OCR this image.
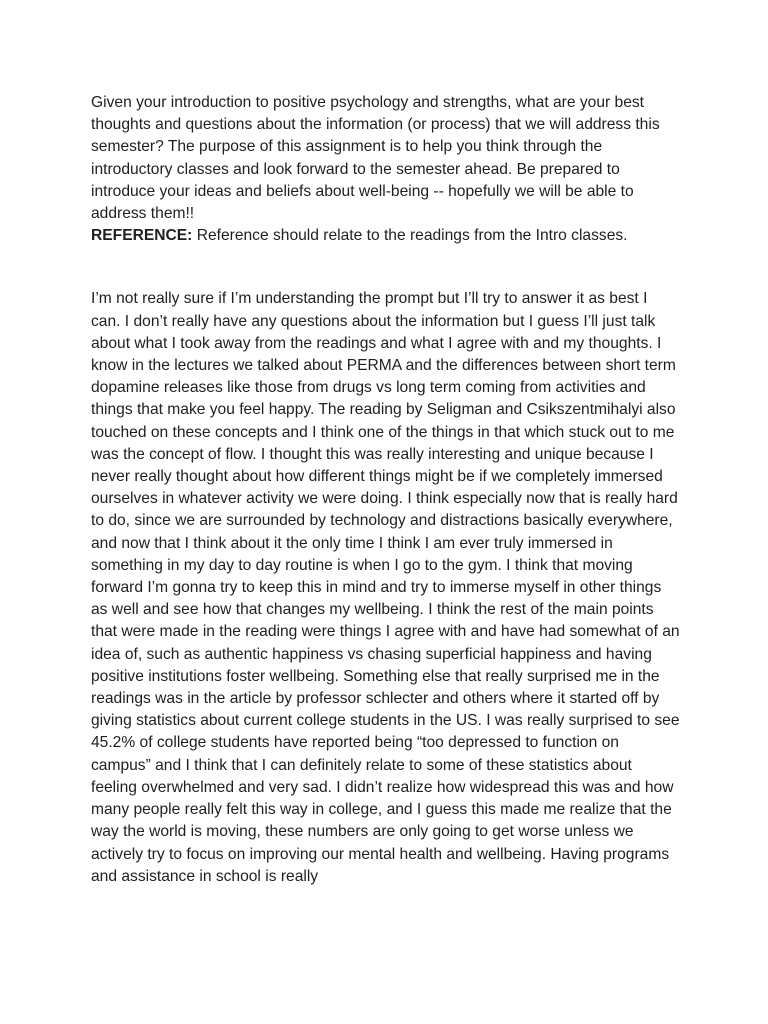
Given your introduction to positive psychology and strengths, what are your best thoughts and questions about the information (or process) that we will address this semester? The purpose of this assignment is to help you think through the introductory classes and look forward to the semester ahead. Be prepared to introduce your ideas and beliefs about well-being -- hopefully we will be able to address them!!

REFERENCE: Reference should relate to the readings from the Intro classes.

I’m not really sure if I’m understanding the prompt but I’ll try to answer it as best I can. I don’t really have any questions about the information but I guess I’ll just talk about what I took away from the readings and what I agree with and my thoughts. I know in the lectures we talked about PERMA and the differences between short term dopamine releases like those from drugs vs long term coming from activities and things that make you feel happy. The reading by Seligman and Csikszentmihalyi also touched on these concepts and I think one of the things in that which stuck out to me was the concept of flow. I thought this was really interesting and unique because I never really thought about how different things might be if we completely immersed ourselves in whatever activity we were doing. I think especially now that is really hard to do, since we are surrounded by technology and distractions basically everywhere, and now that I think about it the only time I think I am ever truly immersed in something in my day to day routine is when I go to the gym. I think that moving forward I’m gonna try to keep this in mind and try to immerse myself in other things as well and see how that changes my wellbeing. I think the rest of the main points that were made in the reading were things I agree with and have had somewhat of an idea of, such as authentic happiness vs chasing superficial happiness and having positive institutions foster wellbeing. Something else that really surprised me in the readings was in the article by professor schlecter and others where it started off by giving statistics about current college students in the US. I was really surprised to see 45.2% of college students have reported being “too depressed to function on campus” and I think that I can definitely relate to some of these statistics about feeling overwhelmed and very sad. I didn’t realize how widespread this was and how many people really felt this way in college, and I guess this made me realize that the way the world is moving, these numbers are only going to get worse unless we actively try to focus on improving our mental health and wellbeing. Having programs and assistance in school is really
